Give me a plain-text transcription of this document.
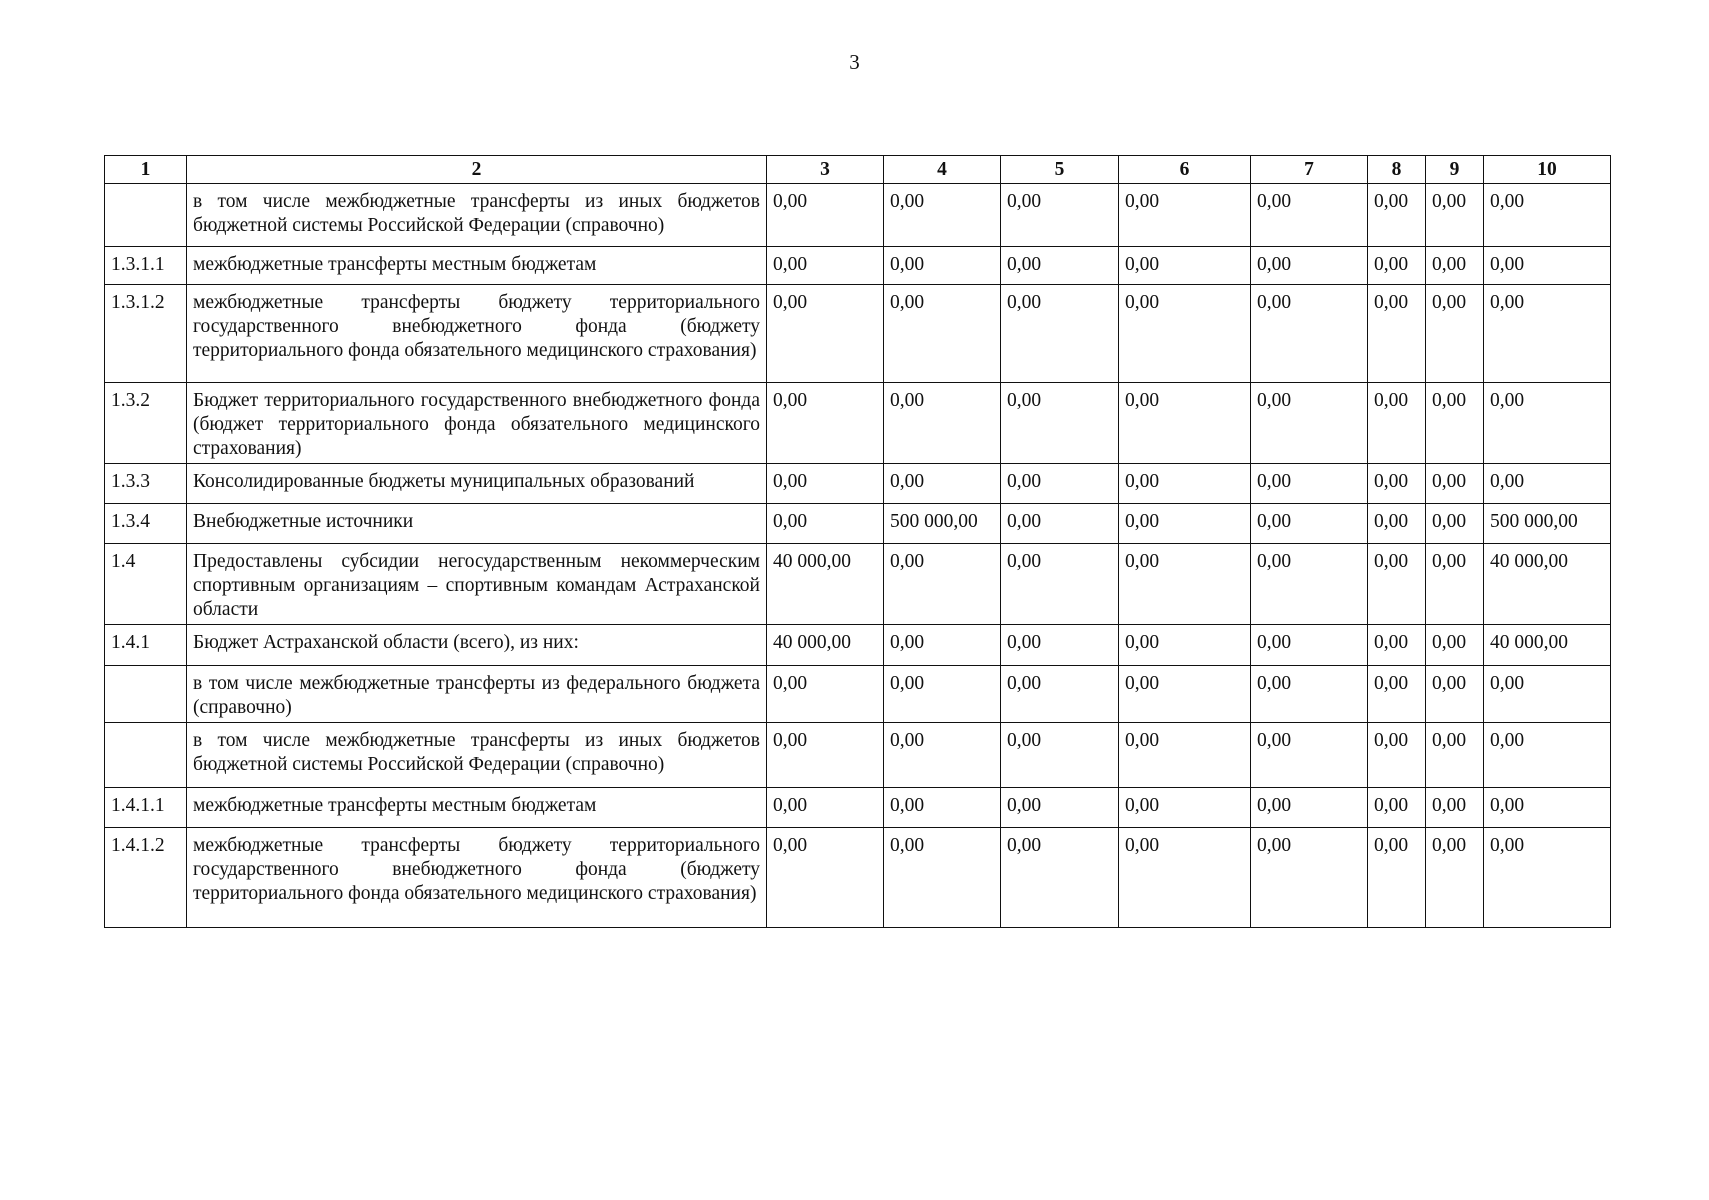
3
1	2	3	4	5	6	7	8	9	10
	в том числе межбюджетные трансферты из иных бюджетов бюджетной системы Российской Федерации (справочно)	0,00	0,00	0,00	0,00	0,00	0,00	0,00	0,00
1.3.1.1	межбюджетные трансферты местным бюджетам	0,00	0,00	0,00	0,00	0,00	0,00	0,00	0,00
1.3.1.2	межбюджетные трансферты бюджету территориального государственного внебюджетного фонда (бюджету территориального фонда обязательного медицинского страхования)	0,00	0,00	0,00	0,00	0,00	0,00	0,00	0,00
1.3.2	Бюджет территориального государственного внебюджетного фонда (бюджет территориального фонда обязательного медицинского страхования)	0,00	0,00	0,00	0,00	0,00	0,00	0,00	0,00
1.3.3	Консолидированные бюджеты муниципальных образований	0,00	0,00	0,00	0,00	0,00	0,00	0,00	0,00
1.3.4	Внебюджетные источники	0,00	500 000,00	0,00	0,00	0,00	0,00	0,00	500 000,00
1.4	Предоставлены субсидии негосударственным некоммерческим спортивным организациям – спортивным командам Астраханской области	40 000,00	0,00	0,00	0,00	0,00	0,00	0,00	40 000,00
1.4.1	Бюджет Астраханской области (всего), из них:	40 000,00	0,00	0,00	0,00	0,00	0,00	0,00	40 000,00
	в том числе межбюджетные трансферты из федерального бюджета (справочно)	0,00	0,00	0,00	0,00	0,00	0,00	0,00	0,00
	в том числе межбюджетные трансферты из иных бюджетов бюджетной системы Российской Федерации (справочно)	0,00	0,00	0,00	0,00	0,00	0,00	0,00	0,00
1.4.1.1	межбюджетные трансферты местным бюджетам	0,00	0,00	0,00	0,00	0,00	0,00	0,00	0,00
1.4.1.2	межбюджетные трансферты бюджету территориального государственного внебюджетного фонда (бюджету территориального фонда обязательного медицинского страхования)	0,00	0,00	0,00	0,00	0,00	0,00	0,00	0,00
